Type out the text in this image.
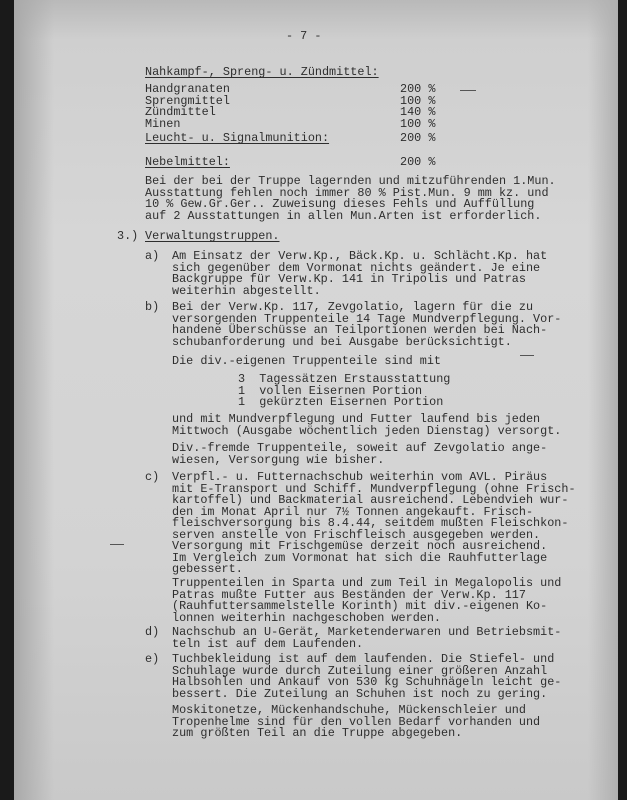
- 7 -
Nahkampf-, Spreng- u. Zündmittel:
Handgranaten	200 %
Sprengmittel	100 %
Zündmittel	140 %
Minen	100 %
Leucht- u. Signalmunition:	200 %
Nebelmittel:	200 %
Bei der bei der Truppe lagernden und mitzuführenden 1.Mun.
Ausstattung fehlen noch immer 80 % Pist.Mun. 9 mm kz. und
10 % Gew.Gr.Ger.. Zuweisung dieses Fehls und Auffüllung
auf 2 Ausstattungen in allen Mun.Arten ist erforderlich.
3.) Verwaltungstruppen.
a) Am Einsatz der Verw.Kp., Bäck.Kp. u. Schlächt.Kp. hat
sich gegenüber dem Vormonat nichts geändert. Je eine
Backgruppe für Verw.Kp. 141 in Tripolis und Patras
weiterhin abgestellt.
b) Bei der Verw.Kp. 117, Zevgolatio, lagern für die zu
versorgenden Truppenteile 14 Tage Mundverpflegung. Vor-
handene Überschüsse an Teilportionen werden bei Nach-
schubanforderung und bei Ausgabe berücksichtigt.
Die div.-eigenen Truppenteile sind mit
3  Tagessätzen Erstausstattung
1  vollen Eisernen Portion
1  gekürzten Eisernen Portion
und mit Mundverpflegung und Futter laufend bis jeden
Mittwoch (Ausgabe wöchentlich jeden Dienstag) versorgt.
Div.-fremde Truppenteile, soweit auf Zevgolatio ange-
wiesen, Versorgung wie bisher.
c) Verpfl.- u. Futternachschub weiterhin vom AVL. Piräus
mit E-Transport und Schiff. Mundverpflegung (ohne Frisch-
kartoffel) und Backmaterial ausreichend. Lebendvieh wur-
den im Monat April nur 7½ Tonnen angekauft. Frisch-
fleischversorgung bis 8.4.44, seitdem mußten Fleischkon-
serven anstelle von Frischfleisch ausgegeben werden.
Versorgung mit Frischgemüse derzeit noch ausreichend.
Im Vergleich zum Vormonat hat sich die Rauhfutterlage
gebessert.
Truppenteilen in Sparta und zum Teil in Megalopolis und
Patras mußte Futter aus Beständen der Verw.Kp. 117
(Rauhfuttersammelstelle Korinth) mit div.-eigenen Ko-
lonnen weiterhin nachgeschoben werden.
d) Nachschub an U-Gerät, Marketenderwaren und Betriebsmit-
teln ist auf dem Laufenden.
e) Tuchbekleidung ist auf dem laufenden. Die Stiefel- und
Schuhlage wurde durch Zuteilung einer größeren Anzahl
Halbsohlen und Ankauf von 530 kg Schuhnägeln leicht ge-
bessert. Die Zuteilung an Schuhen ist noch zu gering.
Moskitonetze, Mückenhandschuhe, Mückenschleier und
Tropenhelme sind für den vollen Bedarf vorhanden und
zum größten Teil an die Truppe abgegeben.
